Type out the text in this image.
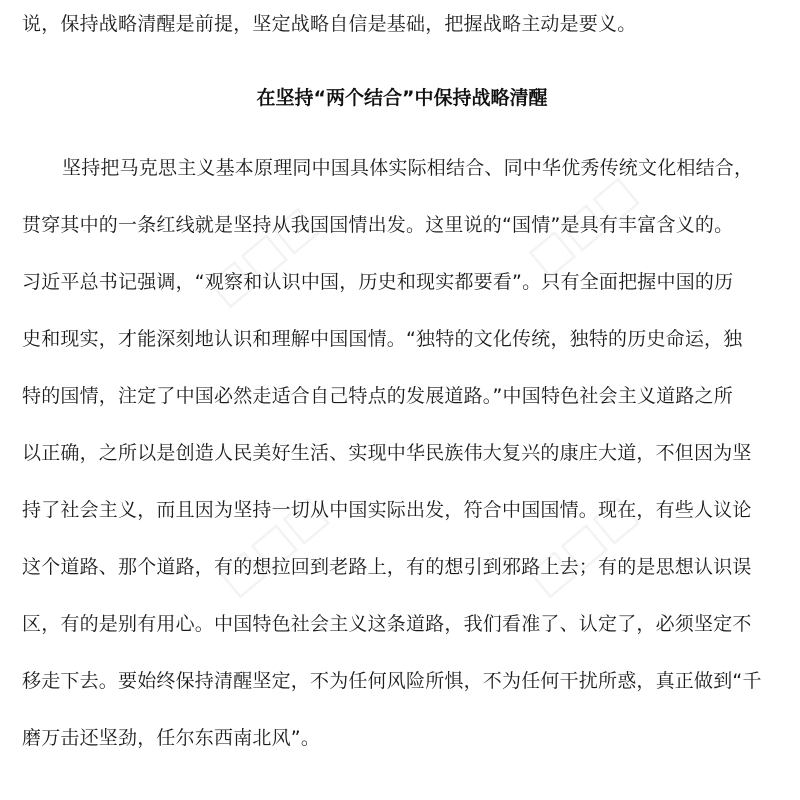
□□□	□□□
□□□	□□□
说，保持战略清醒是前提，坚定战略自信是基础，把握战略主动是要义。
在坚持“两个结合”中保持战略清醒
坚持把马克思主义基本原理同中国具体实际相结合、同中华优秀传统文化相结合，
贯穿其中的一条红线就是坚持从我国国情出发。这里说的“国情”是具有丰富含义的。
习近平总书记强调，“观察和认识中国，历史和现实都要看”。只有全面把握中国的历
史和现实，才能深刻地认识和理解中国国情。“独特的文化传统，独特的历史命运，独
特的国情，注定了中国必然走适合自己特点的发展道路。”中国特色社会主义道路之所
以正确，之所以是创造人民美好生活、实现中华民族伟大复兴的康庄大道，不但因为坚
持了社会主义，而且因为坚持一切从中国实际出发，符合中国国情。现在，有些人议论
这个道路、那个道路，有的想拉回到老路上，有的想引到邪路上去；有的是思想认识误
区，有的是别有用心。中国特色社会主义这条道路，我们看准了、认定了，必须坚定不
移走下去。要始终保持清醒坚定，不为任何风险所惧，不为任何干扰所惑，真正做到“千
磨万击还坚劲，任尔东西南北风”。
